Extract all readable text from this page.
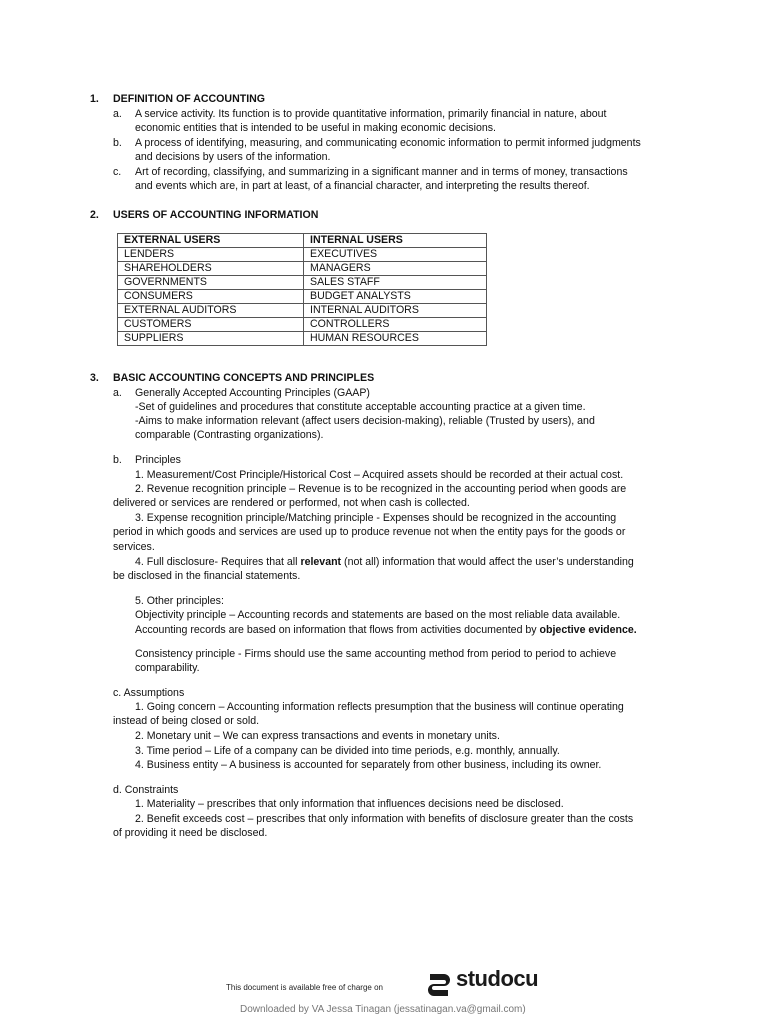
1. DEFINITION OF ACCOUNTING
a. A service activity. Its function is to provide quantitative information, primarily financial in nature, about
economic entities that is intended to be useful in making economic decisions.
b. A process of identifying, measuring, and communicating economic information to permit informed judgments
and decisions by users of the information.
c. Art of recording, classifying, and summarizing in a significant manner and in terms of money, transactions
and events which are, in part at least, of a financial character, and interpreting the results thereof.
2. USERS OF ACCOUNTING INFORMATION
EXTERNAL USERS	INTERNAL USERS
LENDERS	EXECUTIVES
SHAREHOLDERS	MANAGERS
GOVERNMENTS	SALES STAFF
CONSUMERS	BUDGET ANALYSTS
EXTERNAL AUDITORS	INTERNAL AUDITORS
CUSTOMERS	CONTROLLERS
SUPPLIERS	HUMAN RESOURCES
3. BASIC ACCOUNTING CONCEPTS AND PRINCIPLES
a. Generally Accepted Accounting Principles (GAAP)
-Set of guidelines and procedures that constitute acceptable accounting practice at a given time.
-Aims to make information relevant (affect users decision-making), reliable (Trusted by users), and
comparable (Contrasting organizations).
b. Principles
1. Measurement/Cost Principle/Historical Cost – Acquired assets should be recorded at their actual cost.
2. Revenue recognition principle – Revenue is to be recognized in the accounting period when goods are
delivered or services are rendered or performed, not when cash is collected.
3. Expense recognition principle/Matching principle - Expenses should be recognized in the accounting
period in which goods and services are used up to produce revenue not when the entity pays for the goods or
services.
4. Full disclosure- Requires that all relevant (not all) information that would affect the user’s understanding
be disclosed in the financial statements.
5. Other principles:
Objectivity principle – Accounting records and statements are based on the most reliable data available.
Accounting records are based on information that flows from activities documented by objective evidence.
Consistency principle - Firms should use the same accounting method from period to period to achieve
comparability.
c. Assumptions
1. Going concern – Accounting information reflects presumption that the business will continue operating
instead of being closed or sold.
2. Monetary unit – We can express transactions and events in monetary units.
3. Time period – Life of a company can be divided into time periods, e.g. monthly, annually.
4. Business entity – A business is accounted for separately from other business, including its owner.
d. Constraints
1. Materiality – prescribes that only information that influences decisions need be disclosed.
2. Benefit exceeds cost – prescribes that only information with benefits of disclosure greater than the costs
of providing it need be disclosed.
This document is available free of charge on	studocu
Downloaded by VA Jessa Tinagan (jessatinagan.va@gmail.com)
